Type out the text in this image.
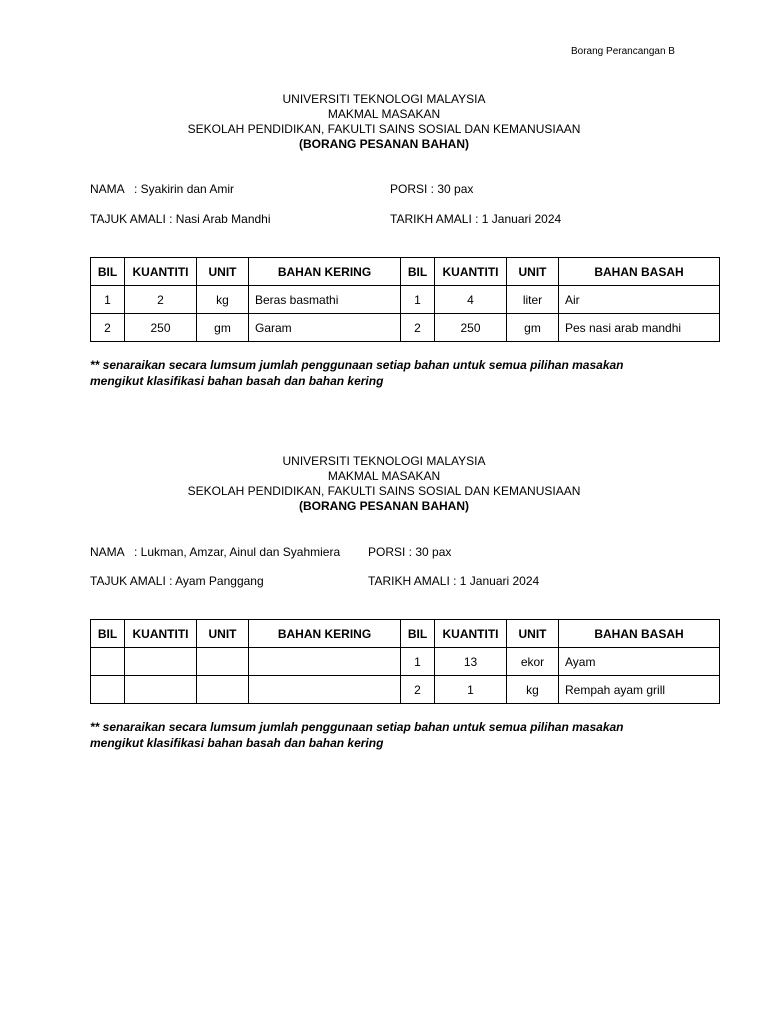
Borang Perancangan B
UNIVERSITI TEKNOLOGI MALAYSIA
MAKMAL MASAKAN
SEKOLAH PENDIDIKAN, FAKULTI SAINS SOSIAL DAN KEMANUSIAAN
(BORANG PESANAN BAHAN)
NAMA   : Syakirin dan Amir	PORSI : 30 pax
TAJUK AMALI : Nasi Arab Mandhi	TARIKH AMALI : 1 Januari 2024
BIL	KUANTITI	UNIT	BAHAN KERING	BIL	KUANTITI	UNIT	BAHAN BASAH
1	2	kg	Beras basmathi	1	4	liter	Air
2	250	gm	Garam	2	250	gm	Pes nasi arab mandhi
** senaraikan secara lumsum jumlah penggunaan setiap bahan untuk semua pilihan masakan
mengikut klasifikasi bahan basah dan bahan kering
UNIVERSITI TEKNOLOGI MALAYSIA
MAKMAL MASAKAN
SEKOLAH PENDIDIKAN, FAKULTI SAINS SOSIAL DAN KEMANUSIAAN
(BORANG PESANAN BAHAN)
NAMA   : Lukman, Amzar, Ainul dan Syahmiera PORSI : 30 pax
TAJUK AMALI : Ayam Panggang	TARIKH AMALI : 1 Januari 2024
BIL	KUANTITI	UNIT	BAHAN KERING	BIL	KUANTITI	UNIT	BAHAN BASAH
				1	13	ekor	Ayam
				2	1	kg	Rempah ayam grill
** senaraikan secara lumsum jumlah penggunaan setiap bahan untuk semua pilihan masakan
mengikut klasifikasi bahan basah dan bahan kering
